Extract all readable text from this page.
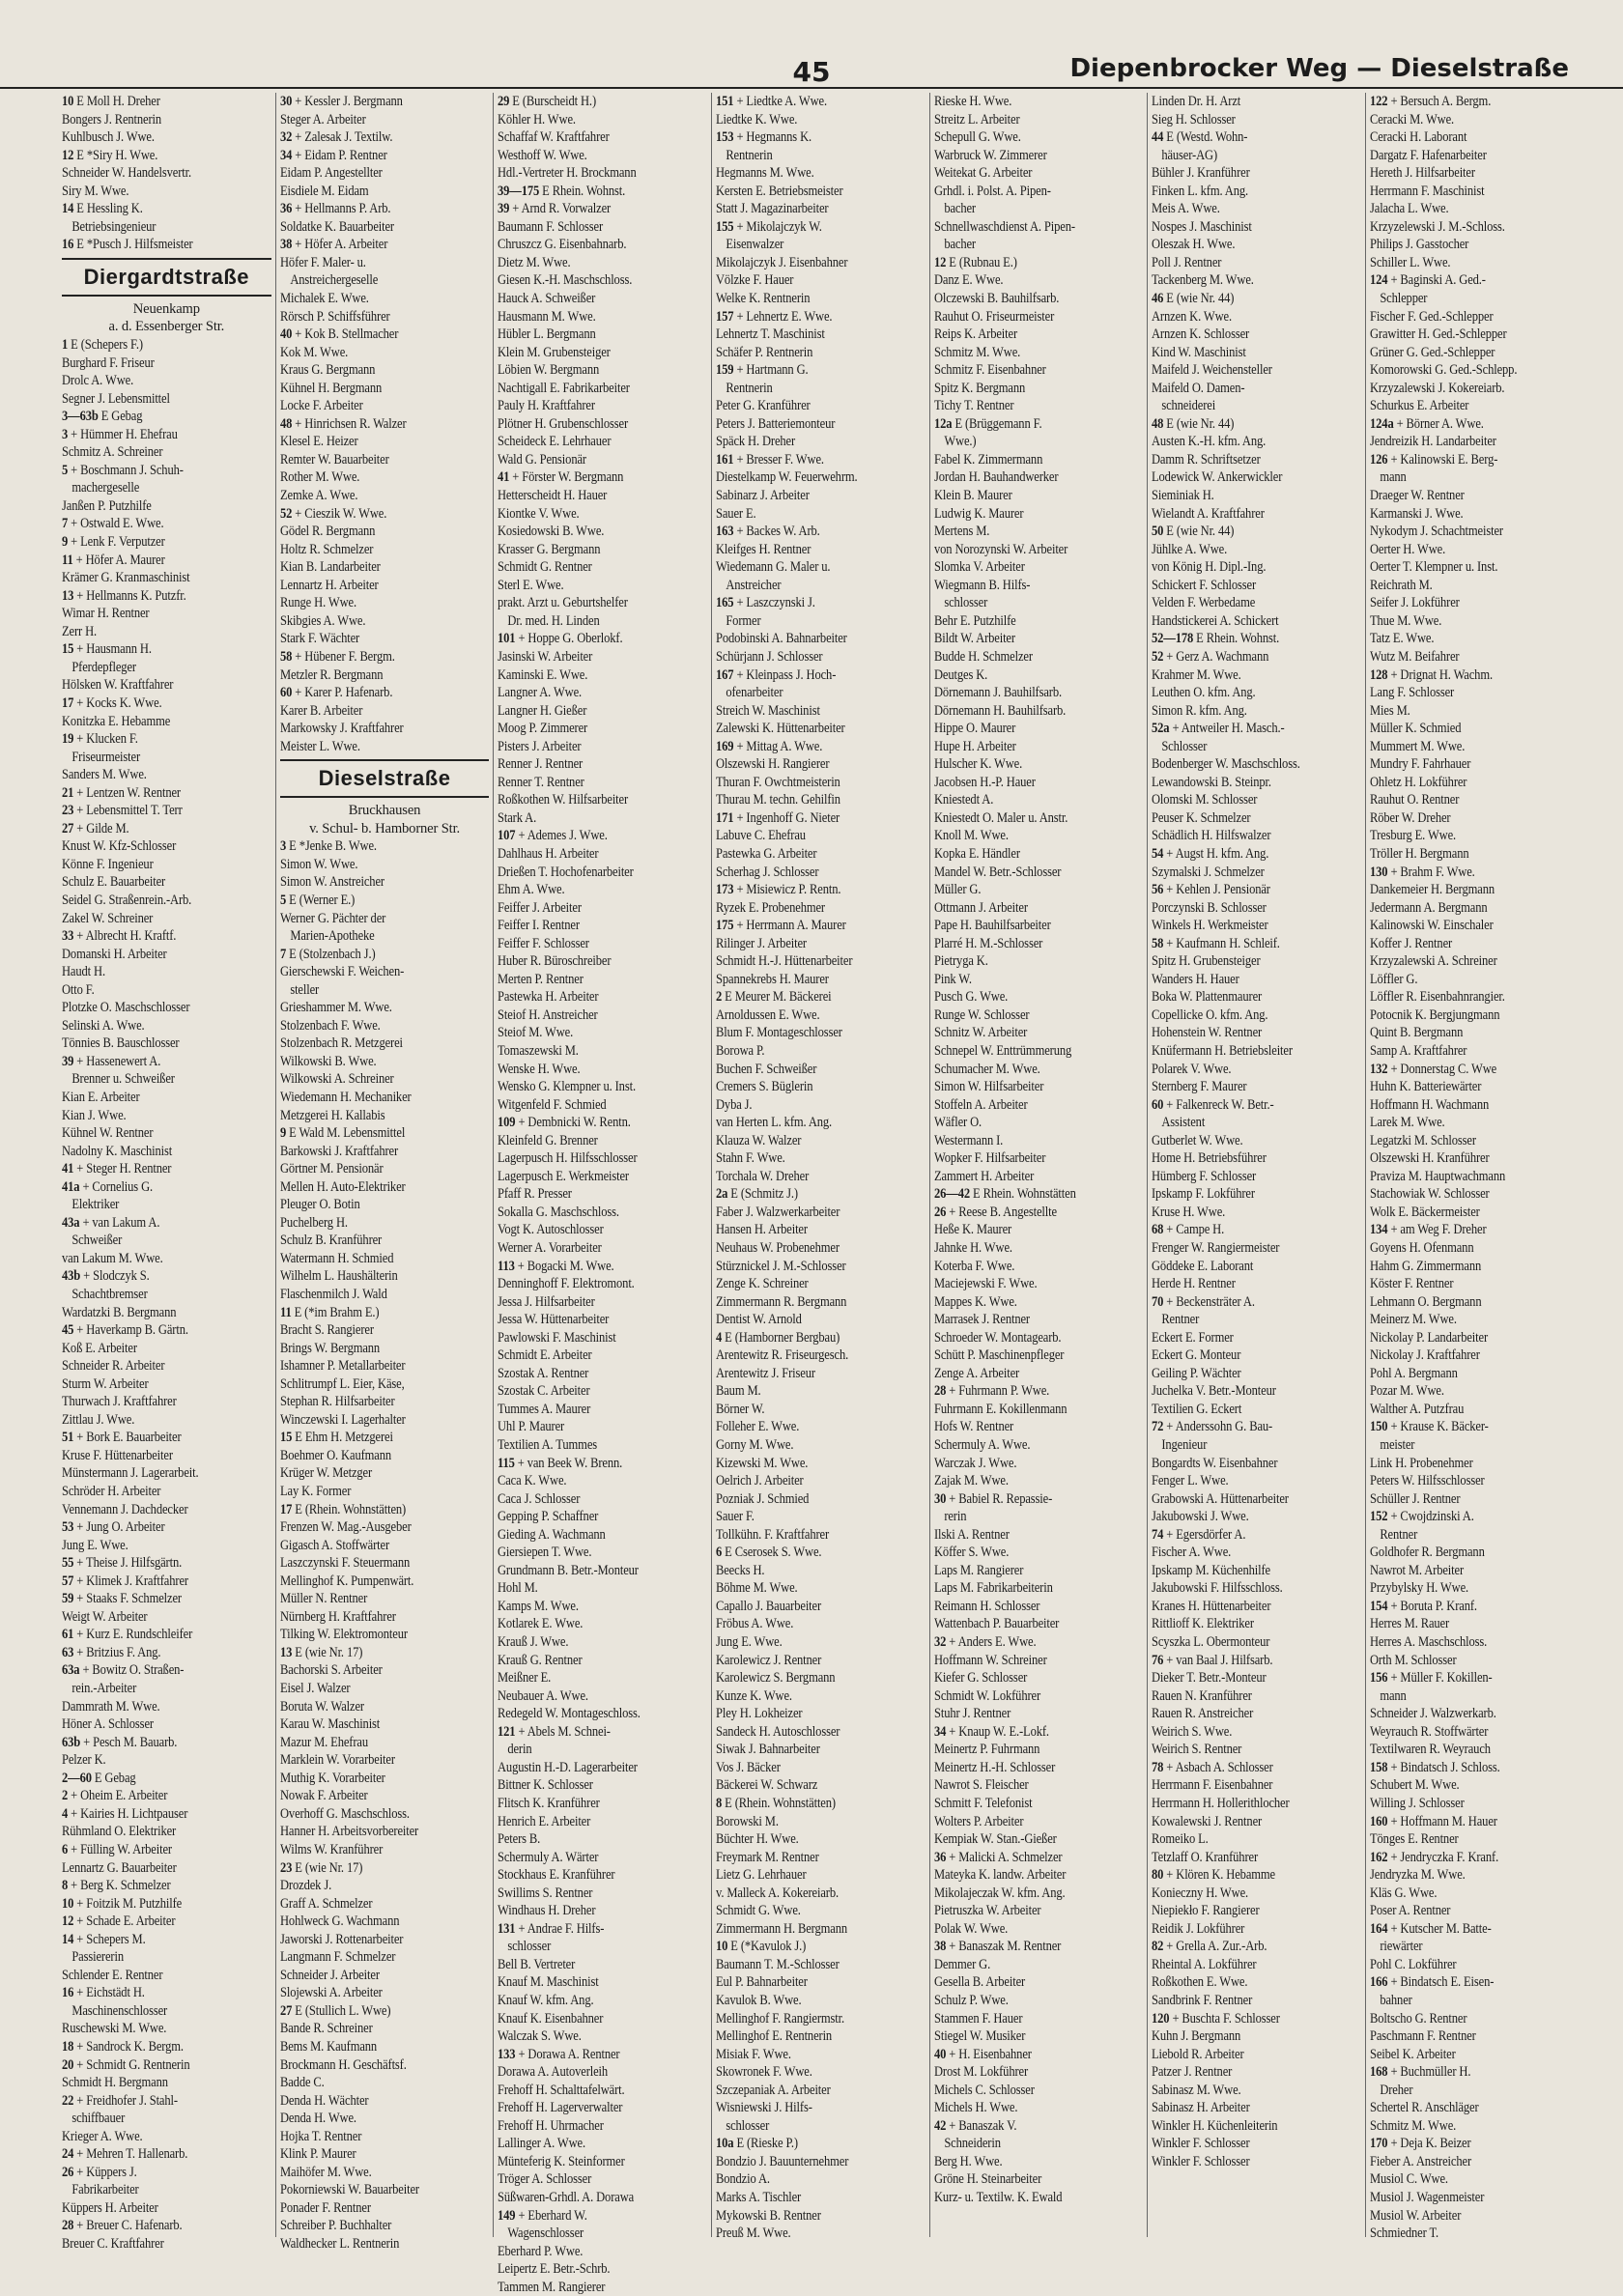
45	Diepenbrocker Weg — Dieselstraße
10 E Moll H. Dreher
Bongers J. Rentnerin
Kuhlbusch J. Wwe.
12 E *Siry H. Wwe.
Schneider W. Handelsvertr.
Siry M. Wwe.
14 E Hessling K.
Betriebsingenieur
16 E *Pusch J. Hilfsmeister
Diergardtstraße
Neuenkamp
a. d. Essenberger Str.
1 E (Schepers F.)
Burghard F. Friseur
Drolc A. Wwe.
Segner J. Lebensmittel
3—63b E Gebag
3 + Hümmer H. Ehefrau
Schmitz A. Schreiner
5 + Boschmann J. Schuh-
machergeselle
Janßen P. Putzhilfe
7 + Ostwald E. Wwe.
9 + Lenk F. Verputzer
11 + Höfer A. Maurer
Krämer G. Kranmaschinist
13 + Hellmanns K. Putzfr.
Wimar H. Rentner
Zerr H.
15 + Hausmann H.
Pferdepfleger
Hölsken W. Kraftfahrer
17 + Kocks K. Wwe.
Konitzka E. Hebamme
19 + Klucken F.
Friseurmeister
Sanders M. Wwe.
21 + Lentzen W. Rentner
23 + Lebensmittel T. Terr
27 + Gilde M.
Knust W. Kfz-Schlosser
Könne F. Ingenieur
Schulz E. Bauarbeiter
Seidel G. Straßenrein.-Arb.
Zakel W. Schreiner
33 + Albrecht H. Kraftf.
Domanski H. Arbeiter
Haudt H.
Otto F.
Plotzke O. Maschschlosser
Selinski A. Wwe.
Tönnies B. Bauschlosser
39 + Hassenewert A.
Brenner u. Schweißer
Kian E. Arbeiter
Kian J. Wwe.
Kühnel W. Rentner
Nadolny K. Maschinist
41 + Steger H. Rentner
41a + Cornelius G.
Elektriker
43a + van Lakum A.
Schweißer
van Lakum M. Wwe.
43b + Slodczyk S.
Schachtbremser
Wardatzki B. Bergmann
45 + Haverkamp B. Gärtn.
Koß E. Arbeiter
Schneider R. Arbeiter
Sturm W. Arbeiter
Thurwach J. Kraftfahrer
Zittlau J. Wwe.
51 + Bork E. Bauarbeiter
Kruse F. Hüttenarbeiter
Münstermann J. Lagerarbeit.
Schröder H. Arbeiter
Vennemann J. Dachdecker
53 + Jung O. Arbeiter
Jung E. Wwe.
55 + Theise J. Hilfsgärtn.
57 + Klimek J. Kraftfahrer
59 + Staaks F. Schmelzer
Weigt W. Arbeiter
61 + Kurz E. Rundschleifer
63 + Britzius F. Ang.
63a + Bowitz O. Straßen-
rein.-Arbeiter
Dammrath M. Wwe.
Höner A. Schlosser
63b + Pesch M. Bauarb.
Pelzer K.
2—60 E Gebag
2 + Oheim E. Arbeiter
4 + Kairies H. Lichtpauser
Rühmland O. Elektriker
6 + Fülling W. Arbeiter
Lennartz G. Bauarbeiter
8 + Berg K. Schmelzer
10 + Foitzik M. Putzhilfe
12 + Schade E. Arbeiter
14 + Schepers M.
Passiererin
Schlender E. Rentner
16 + Eichstädt H.
Maschinenschlosser
Ruschewski M. Wwe.
18 + Sandrock K. Bergm.
20 + Schmidt G. Rentnerin
Schmidt H. Bergmann
22 + Freidhofer J. Stahl-
schiffbauer
Krieger A. Wwe.
24 + Mehren T. Hallenarb.
26 + Küppers J.
Fabrikarbeiter
Küppers H. Arbeiter
28 + Breuer C. Hafenarb.
Breuer C. Kraftfahrer
30 + Kessler J. Bergmann
Steger A. Arbeiter
32 + Zalesak J. Textilw.
34 + Eidam P. Rentner
Eidam P. Angestellter
Eisdiele M. Eidam
36 + Hellmanns P. Arb.
Soldatke K. Bauarbeiter
38 + Höfer A. Arbeiter
Höfer F. Maler- u.
Anstreichergeselle
Michalek E. Wwe.
Rörsch P. Schiffsführer
40 + Kok B. Stellmacher
Kok M. Wwe.
Kraus G. Bergmann
Kühnel H. Bergmann
Locke F. Arbeiter
48 + Hinrichsen R. Walzer
Klesel E. Heizer
Remter W. Bauarbeiter
Rother M. Wwe.
Zemke A. Wwe.
52 + Cieszik W. Wwe.
Gödel R. Bergmann
Holtz R. Schmelzer
Kian B. Landarbeiter
Lennartz H. Arbeiter
Runge H. Wwe.
Skibgies A. Wwe.
Stark F. Wächter
58 + Hübener F. Bergm.
Metzler R. Bergmann
60 + Karer P. Hafenarb.
Karer B. Arbeiter
Markowsky J. Kraftfahrer
Meister L. Wwe.
Dieselstraße
Bruckhausen
v. Schul- b. Hamborner Str.
3 E *Jenke B. Wwe.
Simon W. Wwe.
Simon W. Anstreicher
5 E (Werner E.)
Werner G. Pächter der
Marien-Apotheke
7 E (Stolzenbach J.)
Gierschewski F. Weichen-
steller
Grieshammer M. Wwe.
Stolzenbach F. Wwe.
Stolzenbach R. Metzgerei
Wilkowski B. Wwe.
Wilkowski A. Schreiner
Wiedemann H. Mechaniker
Metzgerei H. Kallabis
9 E Wald M. Lebensmittel
Barkowski J. Kraftfahrer
Görtner M. Pensionär
Mellen H. Auto-Elektriker
Pleuger O. Botin
Puchelberg H.
Schulz B. Kranführer
Watermann H. Schmied
Wilhelm L. Haushälterin
Flaschenmilch J. Wald
11 E (*im Brahm E.)
Bracht S. Rangierer
Brings W. Bergmann
Ishamner P. Metallarbeiter
Schlitrumpf L. Eier, Käse,
Stephan R. Hilfsarbeiter
Winczewski I. Lagerhalter
15 E Ehm H. Metzgerei
Boehmer O. Kaufmann
Krüger W. Metzger
Lay K. Former
17 E (Rhein. Wohnstätten)
Frenzen W. Mag.-Ausgeber
Gigasch A. Stoffwärter
Laszczynski F. Steuermann
Mellinghof K. Pumpenwärt.
Müller N. Rentner
Nürnberg H. Kraftfahrer
Tilking W. Elektromonteur
13 E (wie Nr. 17)
Bachorski S. Arbeiter
Eisel J. Walzer
Boruta W. Walzer
Karau W. Maschinist
Mazur M. Ehefrau
Marklein W. Vorarbeiter
Muthig K. Vorarbeiter
Nowak F. Arbeiter
Overhoff G. Maschschloss.
Hanner H. Arbeitsvorbereiter
Wilms W. Kranführer
23 E (wie Nr. 17)
Drozdek J.
Graff A. Schmelzer
Hohlweck G. Wachmann
Jaworski J. Rottenarbeiter
Langmann F. Schmelzer
Schneider J. Arbeiter
Slojewski A. Arbeiter
27 E (Stullich L. Wwe)
Bande R. Schreiner
Bems M. Kaufmann
Brockmann H. Geschäftsf.
Badde C.
Denda H. Wächter
Denda H. Wwe.
Hojka T. Rentner
Klink P. Maurer
Maihöfer M. Wwe.
Pokorniewski W. Bauarbeiter
Ponader F. Rentner
Schreiber P. Buchhalter
Waldhecker L. Rentnerin
29 E (Burscheidt H.)
Köhler H. Wwe.
Schaffaf W. Kraftfahrer
Westhoff W. Wwe.
Hdl.-Vertreter H. Brockmann
39—175 E Rhein. Wohnst.
39 + Arnd R. Vorwalzer
Baumann F. Schlosser
Chruszcz G. Eisenbahnarb.
Dietz M. Wwe.
Giesen K.-H. Maschschloss.
Hauck A. Schweißer
Hausmann M. Wwe.
Hübler L. Bergmann
Klein M. Grubensteiger
Löbien W. Bergmann
Nachtigall E. Fabrikarbeiter
Pauly H. Kraftfahrer
Plötner H. Grubenschlosser
Scheideck E. Lehrhauer
Wald G. Pensionär
41 + Förster W. Bergmann
Hetterscheidt H. Hauer
Kiontke V. Wwe.
Kosiedowski B. Wwe.
Krasser G. Bergmann
Schmidt G. Rentner
Sterl E. Wwe.
prakt. Arzt u. Geburtshelfer
Dr. med. H. Linden
101 + Hoppe G. Oberlokf.
Jasinski W. Arbeiter
Kaminski E. Wwe.
Langner A. Wwe.
Langner H. Gießer
Moog P. Zimmerer
Pisters J. Arbeiter
Renner J. Rentner
Renner T. Rentner
Roßkothen W. Hilfsarbeiter
Stark A.
107 + Ademes J. Wwe.
Dahlhaus H. Arbeiter
Drießen T. Hochofenarbeiter
Ehm A. Wwe.
Feiffer J. Arbeiter
Feiffer I. Rentner
Feiffer F. Schlosser
Huber R. Büroschreiber
Merten P. Rentner
Pastewka H. Arbeiter
Steiof H. Anstreicher
Steiof M. Wwe.
Tomaszewski M.
Wenske H. Wwe.
Wensko G. Klempner u. Inst.
Witgenfeld F. Schmied
109 + Dembnicki W. Rentn.
Kleinfeld G. Brenner
Lagerpusch H. Hilfsschlosser
Lagerpusch E. Werkmeister
Pfaff R. Presser
Sokalla G. Maschschloss.
Vogt K. Autoschlosser
Werner A. Vorarbeiter
113 + Bogacki M. Wwe.
Denninghoff F. Elektromont.
Jessa J. Hilfsarbeiter
Jessa W. Hüttenarbeiter
Pawlowski F. Maschinist
Schmidt E. Arbeiter
Szostak A. Rentner
Szostak C. Arbeiter
Tummes A. Maurer
Uhl P. Maurer
Textilien A. Tummes
115 + van Beek W. Brenn.
Caca K. Wwe.
Caca J. Schlosser
Gepping P. Schaffner
Gieding A. Wachmann
Giersiepen T. Wwe.
Grundmann B. Betr.-Monteur
Hohl M.
Kamps M. Wwe.
Kotlarek E. Wwe.
Krauß J. Wwe.
Krauß G. Rentner
Meißner E.
Neubauer A. Wwe.
Redegeld W. Montageschloss.
121 + Abels M. Schnei-
derin
Augustin H.-D. Lagerarbeiter
Bittner K. Schlosser
Flitsch K. Kranführer
Henrich E. Arbeiter
Peters B.
Schermuly A. Wärter
Stockhaus E. Kranführer
Swillims S. Rentner
Windhaus H. Dreher
131 + Andrae F. Hilfs-
schlosser
Bell B. Vertreter
Knauf M. Maschinist
Knauf W. kfm. Ang.
Knauf K. Eisenbahner
Walczak S. Wwe.
133 + Dorawa A. Rentner
Dorawa A. Autoverleih
Frehoff H. Schalttafelwärt.
Frehoff H. Lagerverwalter
Frehoff H. Uhrmacher
Lallinger A. Wwe.
Münteferig K. Steinformer
Tröger A. Schlosser
Süßwaren-Grhdl. A. Dorawa
149 + Eberhard W.
Wagenschlosser
Eberhard P. Wwe.
Leipertz E. Betr.-Schrb.
Tammen M. Rangierer
151 + Liedtke A. Wwe.
Liedtke K. Wwe.
153 + Hegmanns K.
Rentnerin
Hegmanns M. Wwe.
Kersten E. Betriebsmeister
Statt J. Magazinarbeiter
155 + Mikolajczyk W.
Eisenwalzer
Mikolajczyk J. Eisenbahner
Völzke F. Hauer
Welke K. Rentnerin
157 + Lehnertz E. Wwe.
Lehnertz T. Maschinist
Schäfer P. Rentnerin
159 + Hartmann G.
Rentnerin
Peter G. Kranführer
Peters J. Batteriemonteur
Späck H. Dreher
161 + Bresser F. Wwe.
Diestelkamp W. Feuerwehrm.
Sabinarz J. Arbeiter
Sauer E.
163 + Backes W. Arb.
Kleifges H. Rentner
Wiedemann G. Maler u.
Anstreicher
165 + Laszczynski J.
Former
Podobinski A. Bahnarbeiter
Schürjann J. Schlosser
167 + Kleinpass J. Hoch-
ofenarbeiter
Streich W. Maschinist
Zalewski K. Hüttenarbeiter
169 + Mittag A. Wwe.
Olszewski H. Rangierer
Thuran F. Owchtmeisterin
Thurau M. techn. Gehilfin
171 + Ingenhoff G. Nieter
Labuve C. Ehefrau
Pastewka G. Arbeiter
Scherhag J. Schlosser
173 + Misiewicz P. Rentn.
Ryzek E. Probenehmer
175 + Herrmann A. Maurer
Rilinger J. Arbeiter
Schmidt H.-J. Hüttenarbeiter
Spannekrebs H. Maurer
2 E Meurer M. Bäckerei
Arnoldussen E. Wwe.
Blum F. Montageschlosser
Borowa P.
Buchen F. Schweißer
Cremers S. Büglerin
Dyba J.
van Herten L. kfm. Ang.
Klauza W. Walzer
Stahn F. Wwe.
Torchala W. Dreher
2a E (Schmitz J.)
Faber J. Walzwerkarbeiter
Hansen H. Arbeiter
Neuhaus W. Probenehmer
Stürznickel J. M.-Schlosser
Zenge K. Schreiner
Zimmermann R. Bergmann
Dentist W. Arnold
4 E (Hamborner Bergbau)
Arentewitz R. Friseurgesch.
Arentewitz J. Friseur
Baum M.
Börner W.
Folleher E. Wwe.
Gorny M. Wwe.
Kizewski M. Wwe.
Oelrich J. Arbeiter
Pozniak J. Schmied
Sauer F.
Tollkühn. F. Kraftfahrer
6 E Cserosek S. Wwe.
Beecks H.
Böhme M. Wwe.
Capallo J. Bauarbeiter
Fröbus A. Wwe.
Jung E. Wwe.
Karolewicz J. Rentner
Karolewicz S. Bergmann
Kunze K. Wwe.
Pley H. Lokheizer
Sandeck H. Autoschlosser
Siwak J. Bahnarbeiter
Vos J. Bäcker
Bäckerei W. Schwarz
8 E (Rhein. Wohnstätten)
Borowski M.
Büchter H. Wwe.
Freymark M. Rentner
Lietz G. Lehrhauer
v. Malleck A. Kokereiarb.
Schmidt G. Wwe.
Zimmermann H. Bergmann
10 E (*Kavulok J.)
Baumann T. M.-Schlosser
Eul P. Bahnarbeiter
Kavulok B. Wwe.
Mellinghof F. Rangiermstr.
Mellinghof E. Rentnerin
Misiak F. Wwe.
Skowronek F. Wwe.
Szczepaniak A. Arbeiter
Wisniewski J. Hilfs-
schlosser
10a E (Rieske P.)
Bondzio J. Bauunternehmer
Bondzio A.
Marks A. Tischler
Mykowski B. Rentner
Preuß M. Wwe.
Rieske H. Wwe.
Streitz L. Arbeiter
Schepull G. Wwe.
Warbruck W. Zimmerer
Weitekat G. Arbeiter
Grhdl. i. Polst. A. Pipen-
bacher
Schnellwaschdienst A. Pipen-
bacher
12 E (Rubnau E.)
Danz E. Wwe.
Olczewski B. Bauhilfsarb.
Rauhut O. Friseurmeister
Reips K. Arbeiter
Schmitz M. Wwe.
Schmitz F. Eisenbahner
Spitz K. Bergmann
Tichy T. Rentner
12a E (Brüggemann F.
Wwe.)
Fabel K. Zimmermann
Jordan H. Bauhandwerker
Klein B. Maurer
Ludwig K. Maurer
Mertens M.
von Norozynski W. Arbeiter
Slomka V. Arbeiter
Wiegmann B. Hilfs-
schlosser
Behr E. Putzhilfe
Bildt W. Arbeiter
Budde H. Schmelzer
Deutges K.
Dörnemann J. Bauhilfsarb.
Dörnemann H. Bauhilfsarb.
Hippe O. Maurer
Hupe H. Arbeiter
Hulscher K. Wwe.
Jacobsen H.-P. Hauer
Kniestedt A.
Kniestedt O. Maler u. Anstr.
Knoll M. Wwe.
Kopka E. Händler
Mandel W. Betr.-Schlosser
Müller G.
Ottmann J. Arbeiter
Pape H. Bauhilfsarbeiter
Plarré H. M.-Schlosser
Pietryga K.
Pink W.
Pusch G. Wwe.
Runge W. Schlosser
Schnitz W. Arbeiter
Schnepel W. Enttrümmerung
Schumacher M. Wwe.
Simon W. Hilfsarbeiter
Stoffeln A. Arbeiter
Wäfler O.
Westermann I.
Wopker F. Hilfsarbeiter
Zammert H. Arbeiter
26—42 E Rhein. Wohnstätten
26 + Reese B. Angestellte
Heße K. Maurer
Jahnke H. Wwe.
Koterba F. Wwe.
Maciejewski F. Wwe.
Mappes K. Wwe.
Marrasek J. Rentner
Schroeder W. Montagearb.
Schütt P. Maschinenpfleger
Zenge A. Arbeiter
28 + Fuhrmann P. Wwe.
Fuhrmann E. Kokillenmann
Hofs W. Rentner
Schermuly A. Wwe.
Warczak J. Wwe.
Zajak M. Wwe.
30 + Babiel R. Repassie-
rerin
Ilski A. Rentner
Köffer S. Wwe.
Laps M. Rangierer
Laps M. Fabrikarbeiterin
Reimann H. Schlosser
Wattenbach P. Bauarbeiter
32 + Anders E. Wwe.
Hoffmann W. Schreiner
Kiefer G. Schlosser
Schmidt W. Lokführer
Stuhr J. Rentner
34 + Knaup W. E.-Lokf.
Meinertz P. Fuhrmann
Meinertz H.-H. Schlosser
Nawrot S. Fleischer
Schmitt F. Telefonist
Wolters P. Arbeiter
Kempiak W. Stan.-Gießer
36 + Malicki A. Schmelzer
Mateyka K. landw. Arbeiter
Mikolajeczak W. kfm. Ang.
Pietruszka W. Arbeiter
Polak W. Wwe.
38 + Banaszak M. Rentner
Demmer G.
Gesella B. Arbeiter
Schulz P. Wwe.
Stammen F. Hauer
Stiegel W. Musiker
40 + H. Eisenbahner
Drost M. Lokführer
Michels C. Schlosser
Michels H. Wwe.
42 + Banaszak V.
Schneiderin
Berg H. Wwe.
Gröne H. Steinarbeiter
Kurz- u. Textilw. K. Ewald
Linden Dr. H. Arzt
Sieg H. Schlosser
44 E (Westd. Wohn-
häuser-AG)
Bühler J. Kranführer
Finken L. kfm. Ang.
Meis A. Wwe.
Nospes J. Maschinist
Oleszak H. Wwe.
Poll J. Rentner
Tackenberg M. Wwe.
46 E (wie Nr. 44)
Arnzen K. Wwe.
Arnzen K. Schlosser
Kind W. Maschinist
Maifeld J. Weichensteller
Maifeld O. Damen-
schneiderei
48 E (wie Nr. 44)
Austen K.-H. kfm. Ang.
Damm R. Schriftsetzer
Lodewick W. Ankerwickler
Sieminiak H.
Wielandt A. Kraftfahrer
50 E (wie Nr. 44)
Jühlke A. Wwe.
von König H. Dipl.-Ing.
Schickert F. Schlosser
Velden F. Werbedame
Handstickerei A. Schickert
52—178 E Rhein. Wohnst.
52 + Gerz A. Wachmann
Krahmer M. Wwe.
Leuthen O. kfm. Ang.
Simon R. kfm. Ang.
52a + Antweiler H. Masch.-
Schlosser
Bodenberger W. Maschschloss.
Lewandowski B. Steinpr.
Olomski M. Schlosser
Peuser K. Schmelzer
Schädlich H. Hilfswalzer
54 + Augst H. kfm. Ang.
Szymalski J. Schmelzer
56 + Kehlen J. Pensionär
Porczynski B. Schlosser
Winkels H. Werkmeister
58 + Kaufmann H. Schleif.
Spitz H. Grubensteiger
Wanders H. Hauer
Boka W. Plattenmaurer
Copellicke O. kfm. Ang.
Hohenstein W. Rentner
Knüfermann H. Betriebsleiter
Polarek V. Wwe.
Sternberg F. Maurer
60 + Falkenreck W. Betr.-
Assistent
Gutberlet W. Wwe.
Home H. Betriebsführer
Hümberg F. Schlosser
Ipskamp F. Lokführer
Kruse H. Wwe.
68 + Campe H.
Frenger W. Rangiermeister
Göddeke E. Laborant
Herde H. Rentner
70 + Beckensträter A.
Rentner
Eckert E. Former
Eckert G. Monteur
Geiling P. Wächter
Juchelka V. Betr.-Monteur
Textilien G. Eckert
72 + Anderssohn G. Bau-
Ingenieur
Bongardts W. Eisenbahner
Fenger L. Wwe.
Grabowski A. Hüttenarbeiter
Jakubowski J. Wwe.
74 + Egersdörfer A.
Fischer A. Wwe.
Ipskamp M. Küchenhilfe
Jakubowski F. Hilfsschloss.
Kranes H. Hüttenarbeiter
Rittlioff K. Elektriker
Scyszka L. Obermonteur
76 + van Baal J. Hilfsarb.
Dieker T. Betr.-Monteur
Rauen N. Kranführer
Rauen R. Anstreicher
Weirich S. Wwe.
Weirich S. Rentner
78 + Asbach A. Schlosser
Herrmann F. Eisenbahner
Herrmann H. Hollerithlocher
Kowalewski J. Rentner
Romeiko L.
Tetzlaff O. Kranführer
80 + Klören K. Hebamme
Konieczny H. Wwe.
Niepiekło F. Rangierer
Reidik J. Lokführer
82 + Grella A. Zur.-Arb.
Rheintal A. Lokführer
Roßkothen E. Wwe.
Sandbrink F. Rentner
120 + Buschta F. Schlosser
Kuhn J. Bergmann
Liebold R. Arbeiter
Patzer J. Rentner
Sabinasz M. Wwe.
Sabinasz H. Arbeiter
Winkler H. Küchenleiterin
Winkler F. Schlosser
Winkler F. Schlosser
122 + Bersuch A. Bergm.
Ceracki M. Wwe.
Ceracki H. Laborant
Dargatz F. Hafenarbeiter
Hereth J. Hilfsarbeiter
Herrmann F. Maschinist
Jalacha L. Wwe.
Krzyzelewski J. M.-Schloss.
Philips J. Gasstocher
Schiller L. Wwe.
124 + Baginski A. Ged.-
Schlepper
Fischer F. Ged.-Schlepper
Grawitter H. Ged.-Schlepper
Grüner G. Ged.-Schlepper
Komorowski G. Ged.-Schlepp.
Krzyzalewski J. Kokereiarb.
Schurkus E. Arbeiter
124a + Börner A. Wwe.
Jendreizik H. Landarbeiter
126 + Kalinowski E. Berg-
mann
Draeger W. Rentner
Karmanski J. Wwe.
Nykodym J. Schachtmeister
Oerter H. Wwe.
Oerter T. Klempner u. Inst.
Reichrath M.
Seifer J. Lokführer
Thue M. Wwe.
Tatz E. Wwe.
Wutz M. Beifahrer
128 + Drignat H. Wachm.
Lang F. Schlosser
Mies M.
Müller K. Schmied
Mummert M. Wwe.
Mundry F. Fahrhauer
Ohletz H. Lokführer
Rauhut O. Rentner
Röber W. Dreher
Tresburg E. Wwe.
Tröller H. Bergmann
130 + Brahm F. Wwe.
Dankemeier H. Bergmann
Jedermann A. Bergmann
Kalinowski W. Einschaler
Koffer J. Rentner
Krzyzalewski A. Schreiner
Löffler G.
Löffler R. Eisenbahnrangier.
Potocnik K. Bergjungmann
Quint B. Bergmann
Samp A. Kraftfahrer
132 + Donnerstag C. Wwe
Huhn K. Batteriewärter
Hoffmann H. Wachmann
Larek M. Wwe.
Legatzki M. Schlosser
Olszewski H. Kranführer
Praviza M. Hauptwachmann
Stachowiak W. Schlosser
Wolk E. Bäckermeister
134 + am Weg F. Dreher
Goyens H. Ofenmann
Hahm G. Zimmermann
Köster F. Rentner
Lehmann O. Bergmann
Meinerz M. Wwe.
Nickolay P. Landarbeiter
Nickolay J. Kraftfahrer
Pohl A. Bergmann
Pozar M. Wwe.
Walther A. Putzfrau
150 + Krause K. Bäcker-
meister
Link H. Probenehmer
Peters W. Hilfsschlosser
Schüller J. Rentner
152 + Cwojdzinski A.
Rentner
Goldhofer R. Bergmann
Nawrot M. Arbeiter
Przybylsky H. Wwe.
154 + Boruta P. Kranf.
Herres M. Rauer
Herres A. Maschschloss.
Orth M. Schlosser
156 + Müller F. Kokillen-
mann
Schneider J. Walzwerkarb.
Weyrauch R. Stoffwärter
Textilwaren R. Weyrauch
158 + Bindatsch J. Schloss.
Schubert M. Wwe.
Willing J. Schlosser
160 + Hoffmann M. Hauer
Tönges E. Rentner
162 + Jendryczka F. Kranf.
Jendryzka M. Wwe.
Kläs G. Wwe.
Poser A. Rentner
164 + Kutscher M. Batte-
riewärter
Pohl C. Lokführer
166 + Bindatsch E. Eisen-
bahner
Boltscho G. Rentner
Paschmann F. Rentner
Seibel K. Arbeiter
168 + Buchmüller H.
Dreher
Schertel R. Anschläger
Schmitz M. Wwe.
170 + Deja K. Beizer
Fieber A. Anstreicher
Musiol C. Wwe.
Musiol J. Wagenmeister
Musiol W. Arbeiter
Schmiedner T.
